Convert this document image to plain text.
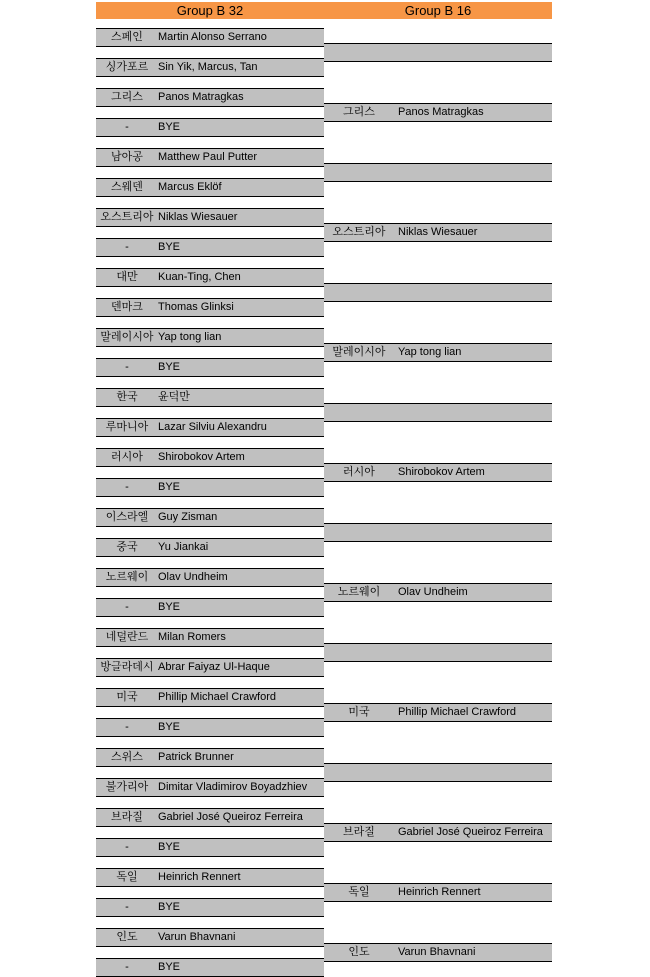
Group B 32	Group B 16
스페인	Martin Alonso Serrano
싱가포르 Sin Yik, Marcus, Tan
그리스	Panos Matragkas
-	BYE
남아공	Matthew Paul Putter
스웨덴	Marcus Eklöf
오스트리아 Niklas Wiesauer
-	BYE
대만	Kuan-Ting, Chen
덴마크	Thomas Glinksi
말레이시아 Yap tong lian
-	BYE
한국	윤덕만
루마니아 Lazar Silviu Alexandru
러시아	Shirobokov Artem
-	BYE
이스라엘 Guy Zisman
중국	Yu Jiankai
노르웨이 Olav Undheim
-	BYE
네덜란드 Milan Romers
방글라데시 Abrar Faiyaz Ul-Haque
미국	Phillip Michael Crawford
-	BYE
스위스	Patrick Brunner
불가리아 Dimitar Vladimirov Boyadzhiev
브라질	Gabriel José Queiroz Ferreira
-	BYE
독일	Heinrich Rennert
-	BYE
인도	Varun Bhavnani
-	BYE
그리스	Panos Matragkas
오스트리아	Niklas Wiesauer
말레이시아	Yap tong lian
러시아	Shirobokov Artem
노르웨이	Olav Undheim
미국	Phillip Michael Crawford
브라질	Gabriel José Queiroz Ferreira
독일	Heinrich Rennert
인도	Varun Bhavnani
